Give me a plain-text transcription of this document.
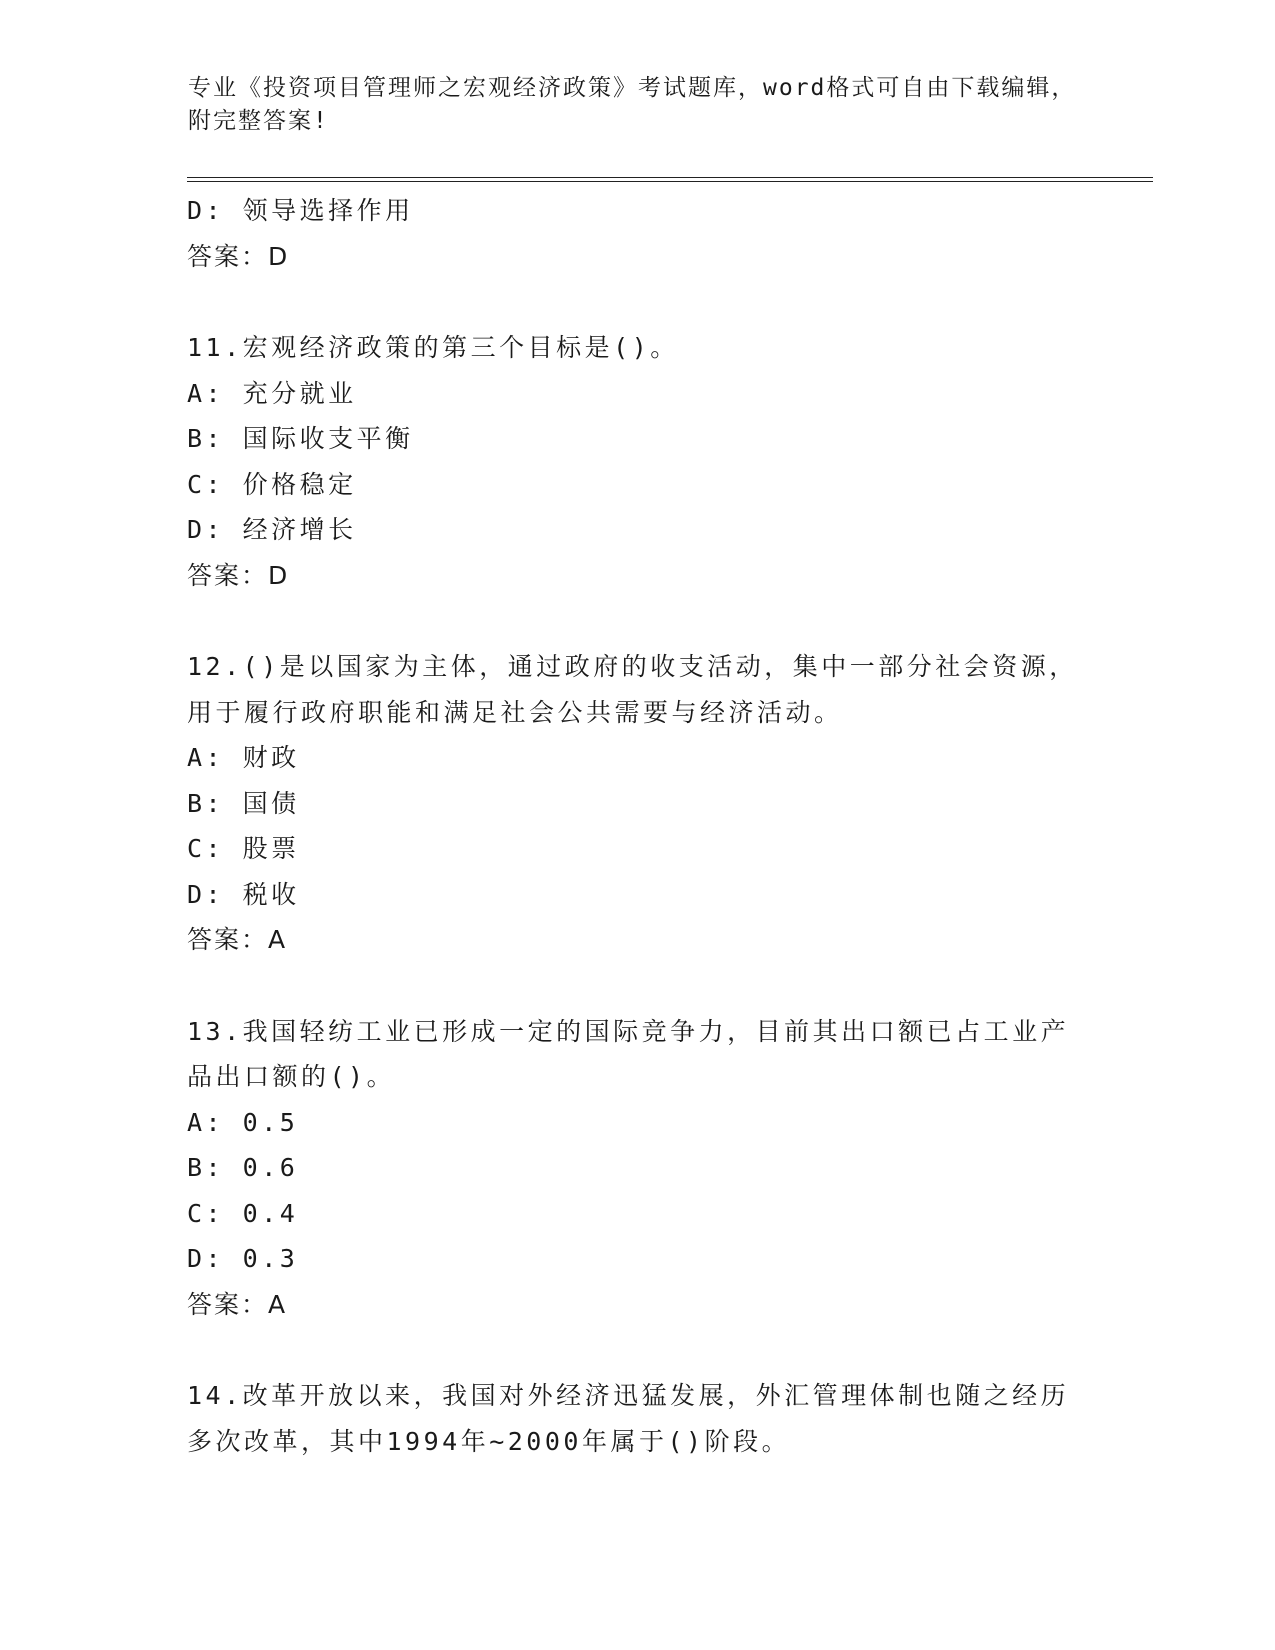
专业《投资项目管理师之宏观经济政策》考试题库，word格式可自由下载编辑，
附完整答案!
D: 领导选择作用
答案：D
11.宏观经济政策的第三个目标是()。
A: 充分就业
B: 国际收支平衡
C: 价格稳定
D: 经济增长
答案：D
12.()是以国家为主体，通过政府的收支活动，集中一部分社会资源，
用于履行政府职能和满足社会公共需要与经济活动。
A: 财政
B: 国债
C: 股票
D: 税收
答案：A
13.我国轻纺工业已形成一定的国际竞争力，目前其出口额已占工业产
品出口额的()。
A: 0.5
B: 0.6
C: 0.4
D: 0.3
答案：A
14.改革开放以来，我国对外经济迅猛发展，外汇管理体制也随之经历
多次改革，其中1994年~2000年属于()阶段。
